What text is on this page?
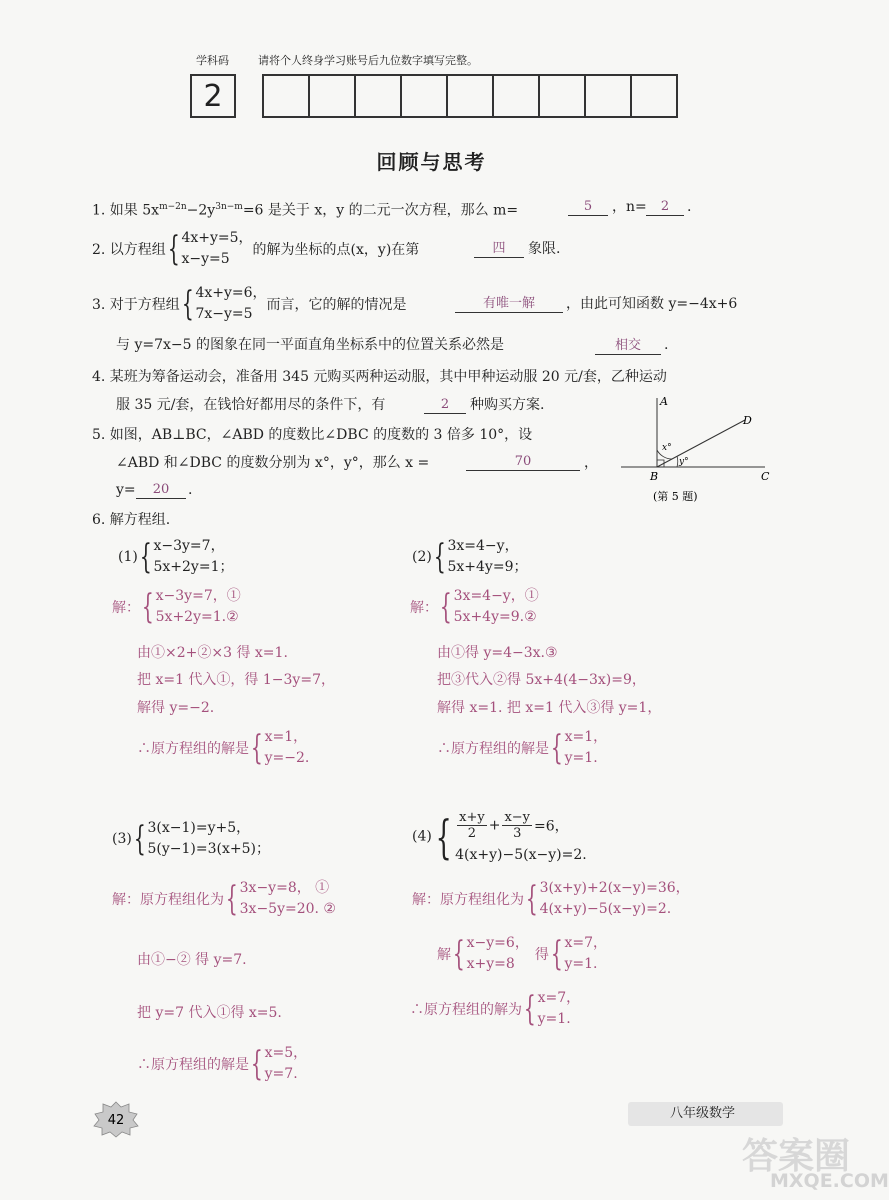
学科码	请将个人终身学习账号后九位数字填写完整。
2
回顾与思考
1. 如果 $5x^{m-2n}-2y^{3n-m}=6$ 是关于 x，y 的二元一次方程，那么 m=	5	，n=	2	.
2. 以方程组{ 4x+y=5，
x−y=5
的解为坐标的点(x，y)在第	四	象限.
3. 对于方程组{ 4x+y=6，
7x−y=5
而言，它的解的情况是	有唯一解	，由此可知函数 y=−4x+6
与 y=7x−5 的图象在同一平面直角坐标系中的位置关系必然是	相交	.
4. 某班为筹备运动会，准备用 345 元购买两种运动服，其中甲种运动服 20 元/套，乙种运动
服 35 元/套，在钱恰好都用尽的条件下，有	2	种购买方案.
5. 如图，AB⊥BC，∠ABD 的度数比∠DBC 的度数的 3 倍多 10°，设
∠ABD 和∠DBC 的度数分别为 x°，y°，那么 x =	70	，
y=	20	.
A
B	C
D
x°
y°
(第 5 题)
6. 解方程组.
(1){ x−3y=7，
5x+2y=1；
解：{ x−3y=7，①
5x+2y=1.②
由①×2+②×3 得 x=1.
把 x=1 代入①，得 1−3y=7，
解得 y=−2.
∴原方程组的解是{ x=1，
y=−2.
(2){ 3x=4−y，
5x+4y=9；
解：{ 3x=4−y，①
5x+4y=9.②
由①得 y=4−3x.③
把③代入②得 5x+4(4−3x)=9，
解得 x=1. 把 x=1 代入③得 y=1，
∴原方程组的解是{ x=1，
y=1.
(3){ 3(x−1)=y+5，
5(y−1)=3(x+5)；
解：原方程组化为{ 3x−y=8， ①
3x−5y=20. ②
由①−② 得 y=7.
把 y=7 代入①得 x=5.
∴原方程组的解是{ x=5，
y=7.
$(4)\{ \frac{x+y}{2} + \frac{x-y}{3} =6$，
4(x+y)−5(x−y)=2.
解：原方程组化为{ 3(x+y)+2(x−y)=36，
4(x+y)−5(x−y)=2.
解{ x−y=6，
x+y=8
得{ x=7，
y=1.
∴原方程组的解为{ x=7，
y=1.
42	八年级数学
答案圈
MXQE.COM
